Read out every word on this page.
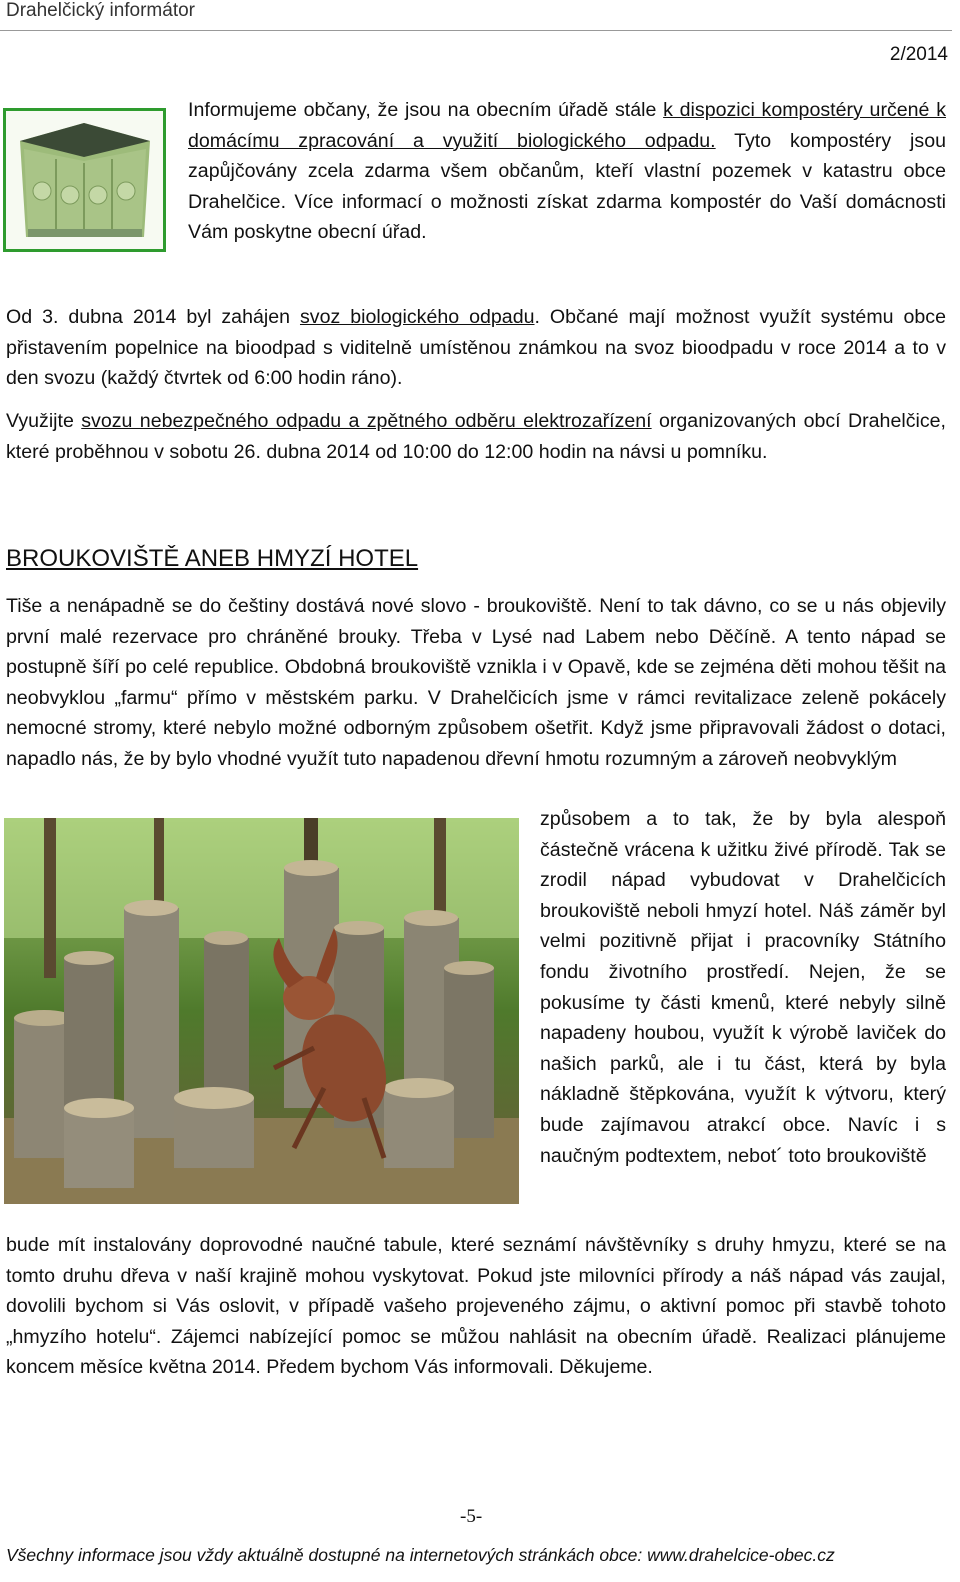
Drahelčický informátor
2/2014

Informujeme občany, že jsou na obecním úřadě stále k dispozici kompostéry určené k domácímu zpracování a využití biologického odpadu. Tyto kompostéry jsou zapůjčovány zcela zdarma všem občanům, kteří vlastní pozemek v katastru obce Drahelčice. Více informací o možnosti získat zdarma kompostér do Vaší domácnosti Vám poskytne obecní úřad.

Od 3. dubna 2014 byl zahájen svoz biologického odpadu. Občané mají možnost využít systému obce přistavením popelnice na bioodpad s viditelně umístěnou známkou na svoz bioodpadu v roce 2014 a to v den svozu (každý čtvrtek od 6:00 hodin ráno).

Využijte svozu nebezpečného odpadu a zpětného odběru elektrozařízení organizovaných obcí Drahelčice, které proběhnou v sobotu 26. dubna 2014 od 10:00 do 12:00 hodin na návsi u pomníku.

BROUKOVIŠTĚ ANEB HMYZÍ HOTEL

Tiše a nenápadně se do češtiny dostává nové slovo - broukoviště. Není to tak dávno, co se u nás objevily první malé rezervace pro chráněné brouky. Třeba v Lysé nad Labem nebo Děčíně. A tento nápad se postupně šíří po celé republice. Obdobná broukoviště vznikla i v Opavě, kde se zejména děti mohou těšit na neobvyklou „farmu“ přímo v městském parku. V Drahelčicích jsme v rámci revitalizace zeleně pokácely nemocné stromy, které nebylo možné odborným způsobem ošetřit. Když jsme připravovali žádost o dotaci, napadlo nás, že by bylo vhodné využít tuto napadenou dřevní hmotu rozumným a zároveň neobvyklým

způsobem a to tak, že by byla alespoň částečně vrácena k užitku živé přírodě. Tak se zrodil nápad vybudovat v Drahelčicích broukoviště neboli hmyzí hotel. Náš záměr byl velmi pozitivně přijat i pracovníky Státního fondu životního prostředí. Nejen, že se pokusíme ty části kmenů, které nebyly silně napadeny houbou, využít k výrobě laviček do našich parků, ale i tu část, která by byla nákladně štěpkována, využít k výtvoru, který bude zajímavou atrakcí obce. Navíc i s naučným podtextem, nebot´ toto broukoviště

bude mít instalovány doprovodné naučné tabule, které seznámí návštěvníky s druhy hmyzu, které se na tomto druhu dřeva v naší krajině mohou vyskytovat. Pokud jste milovníci přírody a náš nápad vás zaujal, dovolili bychom si Vás oslovit, v případě vašeho projeveného zájmu, o aktivní pomoc při stavbě tohoto „hmyzího hotelu“. Zájemci nabízející pomoc se můžou nahlásit na obecním úřadě. Realizaci plánujeme koncem měsíce května 2014. Předem bychom Vás informovali. Děkujeme.

-5-
Všechny informace jsou vždy aktuálně dostupné na internetových stránkách obce: www.drahelcice-obec.cz
